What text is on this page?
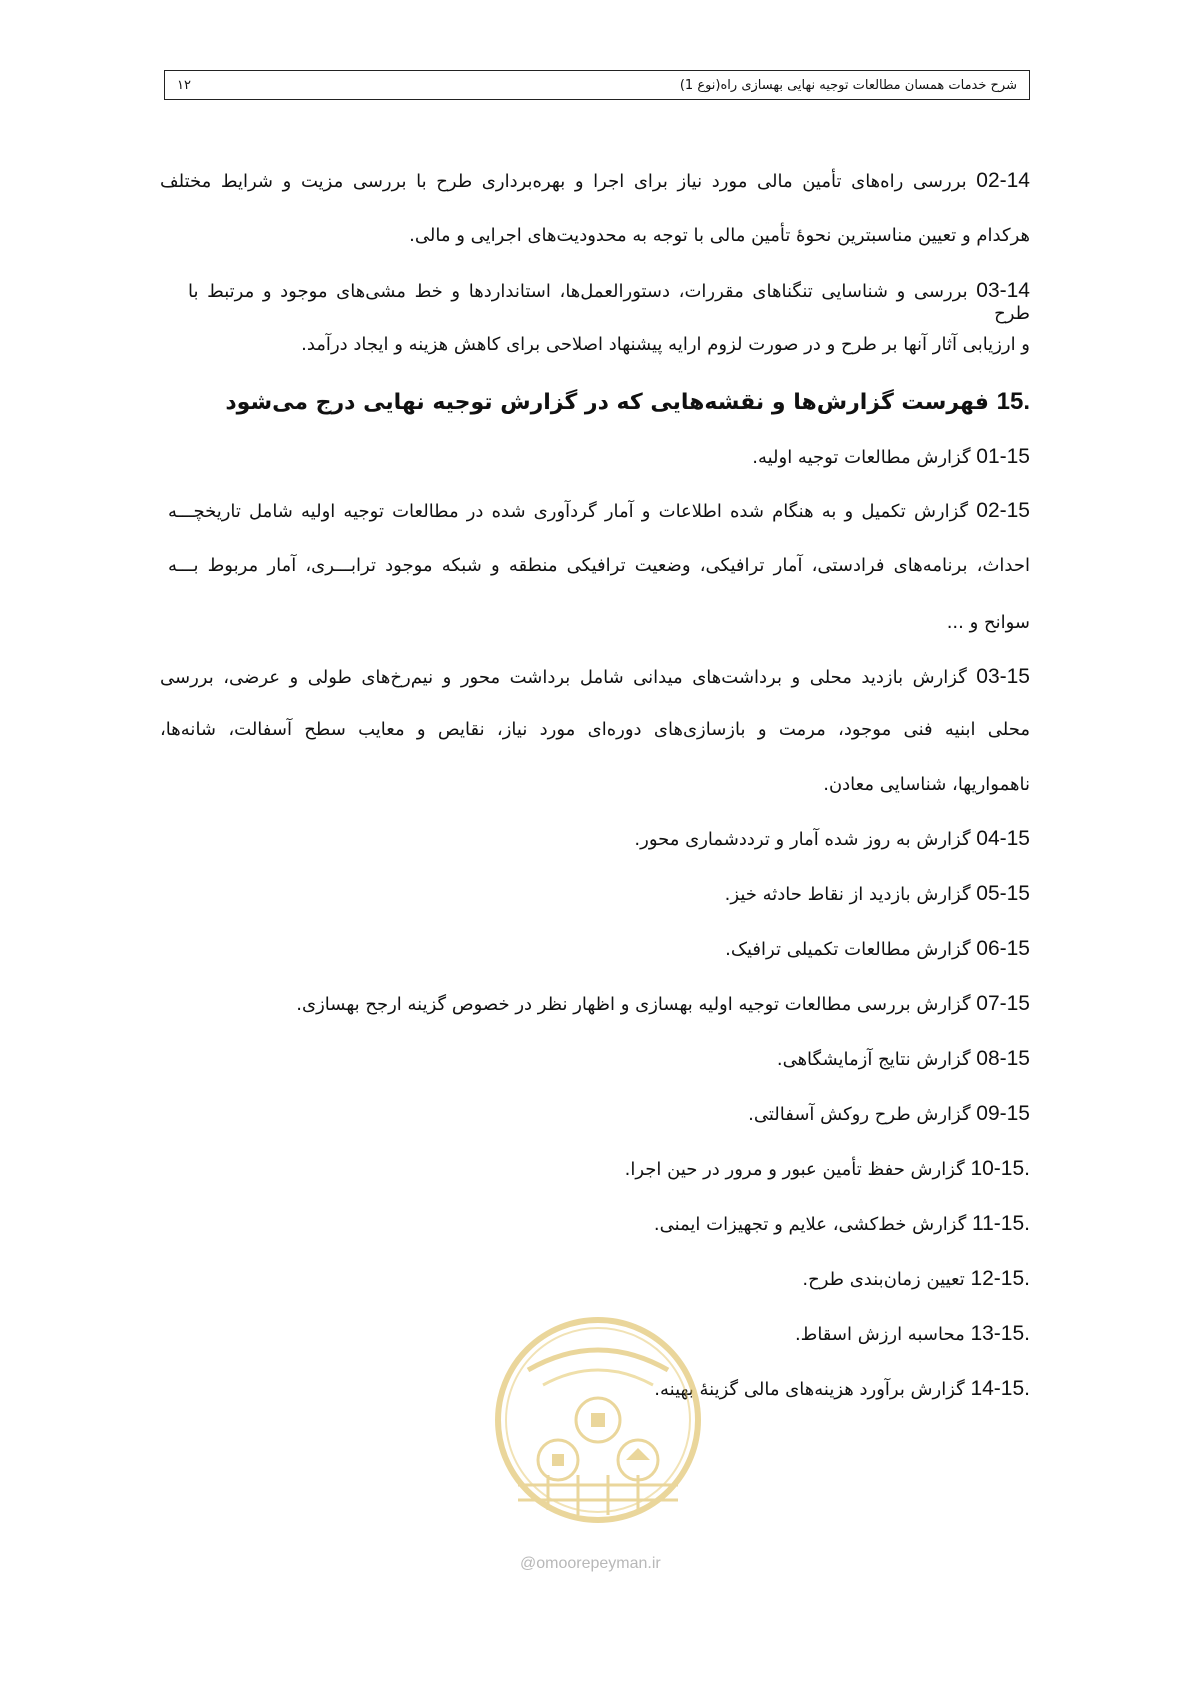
شرح خدمات همسان مطالعات توجیه نهایی بهسازی راه(نوع 1)
۱۲
02-14 بررسی راه‌های تأمین مالی مورد نیاز برای اجرا و بهره‌برداری طرح با بررسی مزیت و شرایط مختلف
هرکدام و تعیین مناسبترین نحوهٔ تأمین مالی با توجه به محدودیت‌های اجرایی و مالی.
03-14 بررسی و شناسایی تنگناهای مقررات، دستورالعمل‌ها، استانداردها و خط مشی‌های موجود و مرتبط با طرح
و ارزیابی آثار آنها بر طرح و در صورت لزوم ارایه پیشنهاد اصلاحی برای کاهش هزینه و ایجاد درآمد.
15. فهرست گزارش‌ها و نقشه‌هایی که در گزارش توجیه نهایی درج می‌شود
01-15 گزارش مطالعات توجیه اولیه.
02-15 گزارش تکمیل و به هنگام شده اطلاعات و آمار گردآوری شده در مطالعات توجیه اولیه شامل تاریخچـــه
احداث، برنامه‌های فرادستی، آمار ترافیکی، وضعیت ترافیکی منطقه و شبکه موجود ترابـــری، آمار مربوط بـــه
سوانح و ...
03-15 گزارش بازدید محلی و برداشت‌های میدانی شامل برداشت محور و نیم‌رخ‌های طولی و عرضی، بررسی
محلی ابنیه فنی موجود، مرمت و بازسازی‌های دوره‌ای مورد نیاز، نقایص و معایب سطح آسفالت، شانه‌ها،
ناهمواریها، شناسایی معادن.
04-15 گزارش به روز شده آمار و ترددشماری محور.
05-15 گزارش بازدید از نقاط حادثه خیز.
06-15 گزارش مطالعات تکمیلی ترافیک.
07-15 گزارش بررسی مطالعات توجیه اولیه بهسازی و اظهار نظر در خصوص گزینه ارجح بهسازی.
08-15 گزارش نتایج آزمایشگاهی.
09-15 گزارش طرح روکش آسفالتی.
10-15. گزارش حفظ تأمین عبور و مرور در حین اجرا.
11-15. گزارش خط‌کشی، علایم و تجهیزات ایمنی.
12-15. تعیین زمان‌بندی طرح.
13-15. محاسبه ارزش اسقاط.
14-15. گزارش برآورد هزینه‌های مالی گزینهٔ بهینه.
@omoorepeyman.ir
